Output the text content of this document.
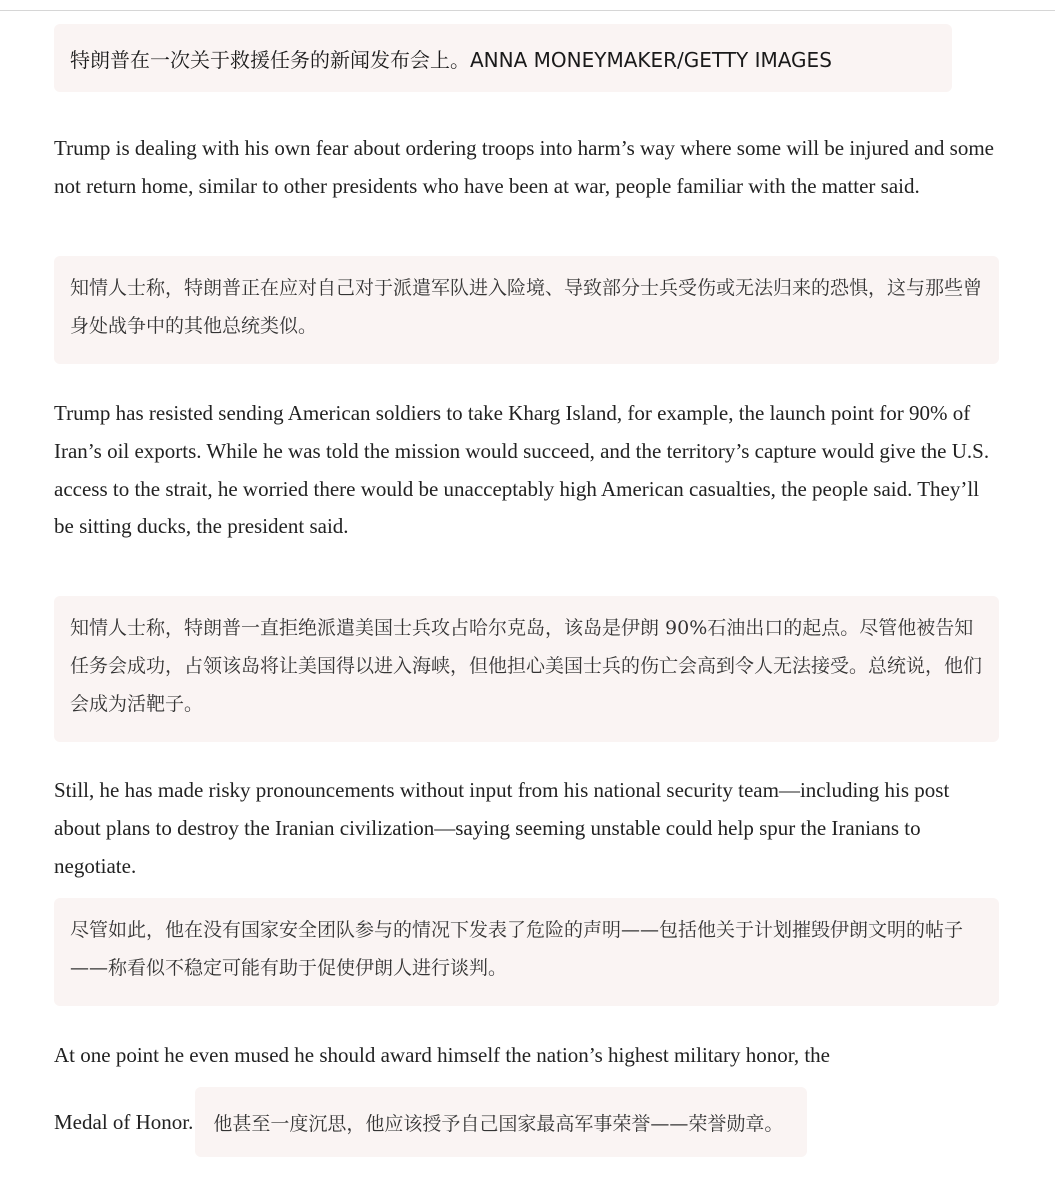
特朗普在一次关于救援任务的新闻发布会上。ANNA MONEYMAKER/GETTY IMAGES

Trump is dealing with his own fear about ordering troops into harm’s way where some will be injured and some not return home, similar to other presidents who have been at war, people familiar with the matter said.

知情人士称，特朗普正在应对自己对于派遣军队进入险境、导致部分士兵受伤或无法归来的恐惧，这与那些曾身处战争中的其他总统类似。

Trump has resisted sending American soldiers to take Kharg Island, for example, the launch point for 90% of Iran’s oil exports. While he was told the mission would succeed, and the territory’s capture would give the U.S. access to the strait, he worried there would be unacceptably high American casualties, the people said. They’ll be sitting ducks, the president said.

知情人士称，特朗普一直拒绝派遣美国士兵攻占哈尔克岛，该岛是伊朗 90%石油出口的起点。尽管他被告知任务会成功，占领该岛将让美国得以进入海峡，但他担心美国士兵的伤亡会高到令人无法接受。总统说，他们会成为活靶子。

Still, he has made risky pronouncements without input from his national security team—including his post about plans to destroy the Iranian civilization—saying seeming unstable could help spur the Iranians to negotiate.

尽管如此，他在没有国家安全团队参与的情况下发表了危险的声明——包括他关于计划摧毁伊朗文明的帖子——称看似不稳定可能有助于促使伊朗人进行谈判。

At one point he even mused he should award himself the nation’s highest military honor, the

Medal of Honor.	他甚至一度沉思，他应该授予自己国家最高军事荣誉——荣誉勋章。
